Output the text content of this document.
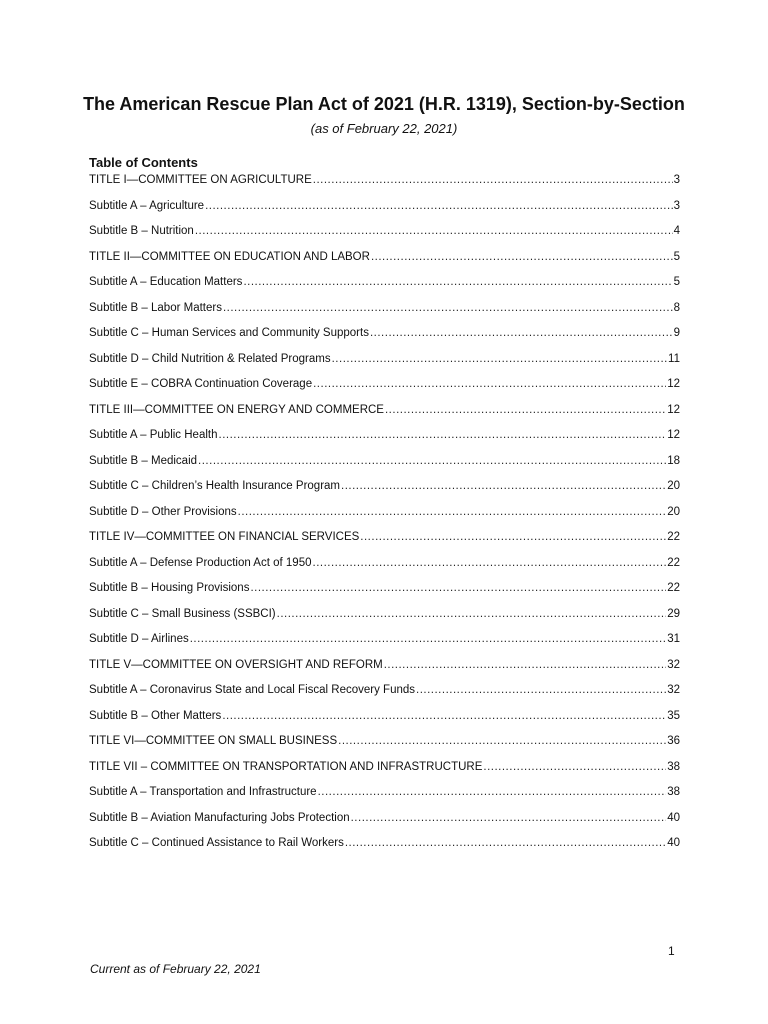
The American Rescue Plan Act of 2021 (H.R. 1319), Section-by-Section
(as of February 22, 2021)
Table of Contents
TITLE I—COMMITTEE ON AGRICULTURE .....	3
Subtitle A – Agriculture .....	3
Subtitle B – Nutrition .....	4
TITLE II—COMMITTEE ON EDUCATION AND LABOR .....	5
Subtitle A – Education Matters .....	5
Subtitle B – Labor Matters .....	8
Subtitle C – Human Services and Community Supports .....	9
Subtitle D – Child Nutrition & Related Programs .....	11
Subtitle E – COBRA Continuation Coverage .....	12
TITLE III—COMMITTEE ON ENERGY AND COMMERCE .....	12
Subtitle A – Public Health .....	12
Subtitle B – Medicaid .....	18
Subtitle C – Children’s Health Insurance Program .....	20
Subtitle D – Other Provisions .....	20
TITLE IV—COMMITTEE ON FINANCIAL SERVICES .....	22
Subtitle A – Defense Production Act of 1950 .....	22
Subtitle B – Housing Provisions .....	22
Subtitle C – Small Business (SSBCI) .....	29
Subtitle D – Airlines .....	31
TITLE V—COMMITTEE ON OVERSIGHT AND REFORM .....	32
Subtitle A – Coronavirus State and Local Fiscal Recovery Funds .....	32
Subtitle B – Other Matters .....	35
TITLE VI—COMMITTEE ON SMALL BUSINESS .....	36
TITLE VII – COMMITTEE ON TRANSPORTATION AND INFRASTRUCTURE .....	38
Subtitle A – Transportation and Infrastructure .....	38
Subtitle B – Aviation Manufacturing Jobs Protection .....	40
Subtitle C – Continued Assistance to Rail Workers .....	40
1
Current as of February 22, 2021
